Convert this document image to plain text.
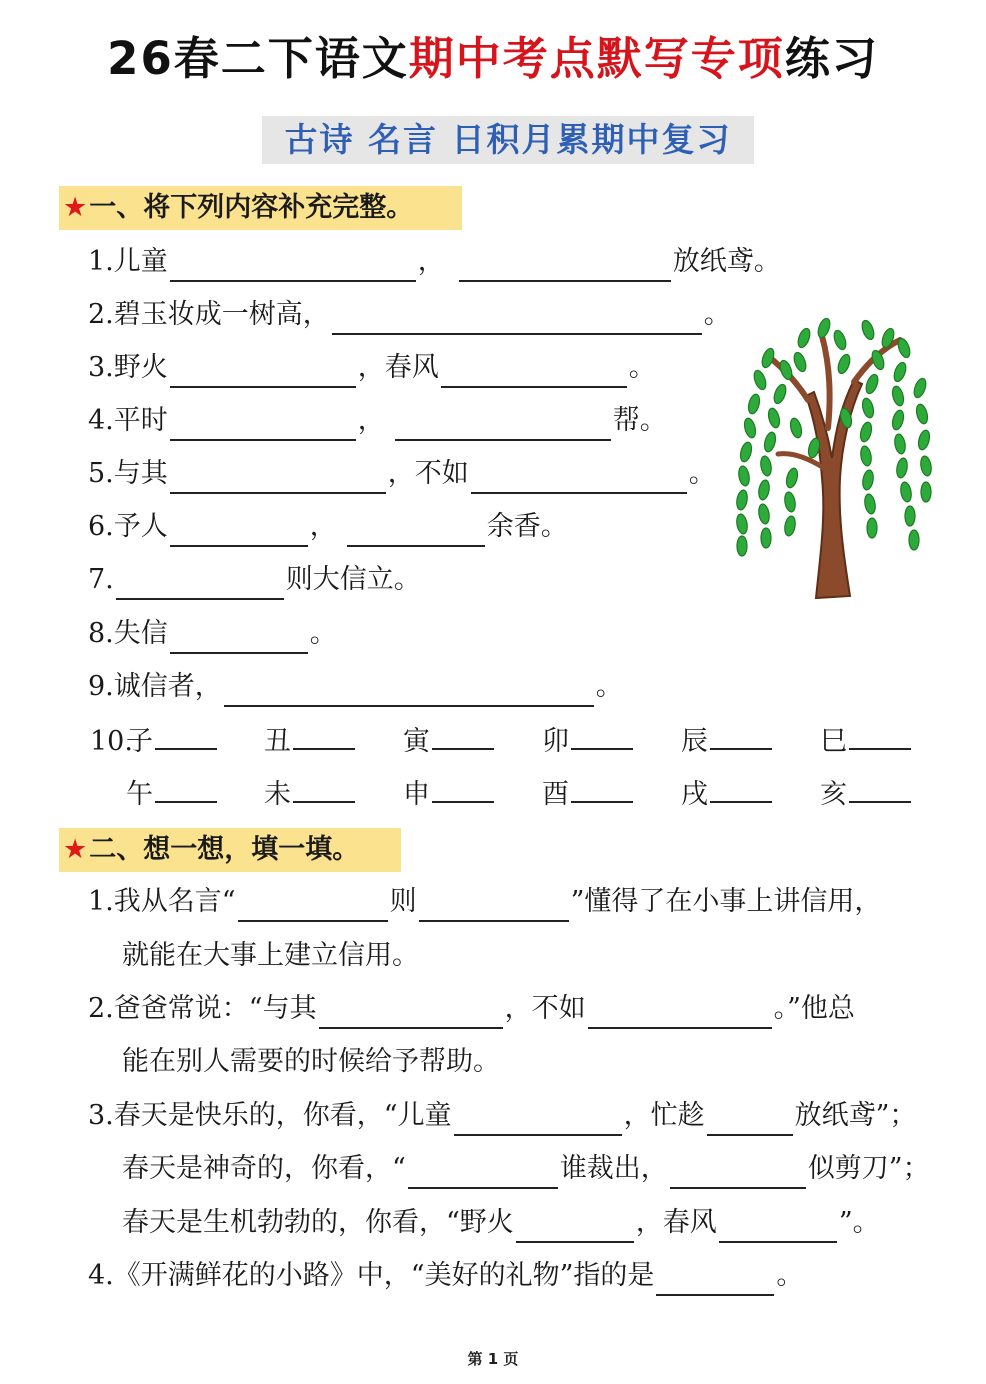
26春二下语文期中考点默写专项练习
古诗 名言 日积月累期中复习
★一、将下列内容补充完整。
1.儿童	，	放纸鸢。
2.碧玉妆成一树高，	。
3.野火	，春风	。
4.平时	，	帮。
5.与其	，不如	。
6.予人	，	余香。
7.	则大信立。
8.失信	。
9.诚信者，	。
10.
子	丑	寅	卯	辰	巳
午	未	申	酉	戌	亥
★二、想一想，填一填。
1.我从名言“	则	”懂得了在小事上讲信用，
就能在大事上建立信用。
2.爸爸常说：“与其	，不如	。”他总
能在别人需要的时候给予帮助。
3.春天是快乐的，你看，“儿童	，忙趁	放纸鸢”；
春天是神奇的，你看，“	谁裁出，	似剪刀”；
春天是生机勃勃的，你看，“野火	，春风	”。
4.《开满鲜花的小路》中，“美好的礼物”指的是	。
第 1 页
